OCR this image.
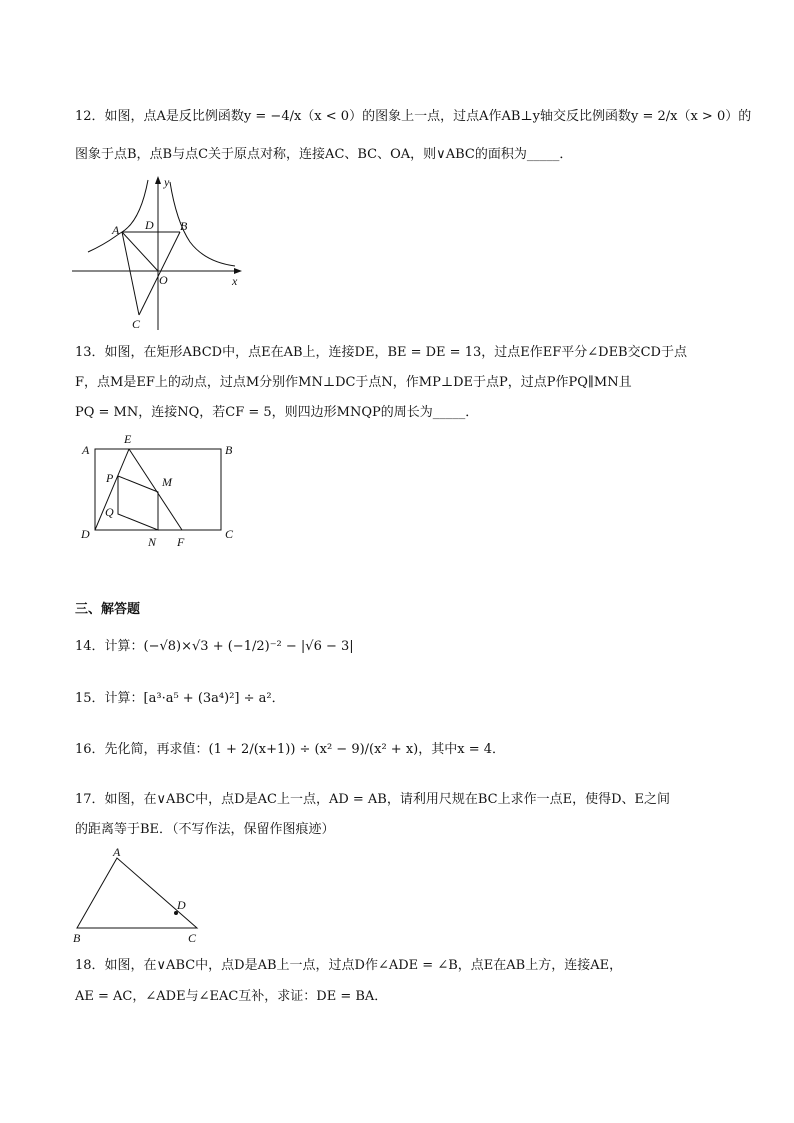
12．如图，点A是反比例函数y = −4/x（x < 0）的图象上一点，过点A作AB⊥y轴交反比例函数y = 2/x（x > 0）的
图象于点B，点B与点C关于原点对称，连接AC、BC、OA，则∨ABC的面积为_____．
y
x
A D B
O
C
13．如图，在矩形ABCD中，点E在AB上，连接DE，BE = DE = 13，过点E作EF平分∠DEB交CD于点
F，点M是EF上的动点，过点M分别作MN⊥DC于点N，作MP⊥DE于点P，过点P作PQ∥MN且
PQ = MN，连接NQ，若CF = 5，则四边形MNQP的周长为_____．
A
E
B
P	M
Q
D
N F
C
三、解答题
14．计算：(−√8)×√3 + (−1/2)⁻² − |√6 − 3|
15．计算：[a³·a⁵ + (3a⁴)²] ÷ a²．
16．先化简，再求值：(1 + 2/(x+1)) ÷ (x² − 9)/(x² + x)，其中x = 4．
17．如图，在∨ABC中，点D是AC上一点，AD = AB，请利用尺规在BC上求作一点E，使得D、E之间
的距离等于BE．（不写作法，保留作图痕迹）
A
D
B	C
18．如图，在∨ABC中，点D是AB上一点，过点D作∠ADE = ∠B，点E在AB上方，连接AE，
AE = AC，∠ADE与∠EAC互补，求证：DE = BA．
